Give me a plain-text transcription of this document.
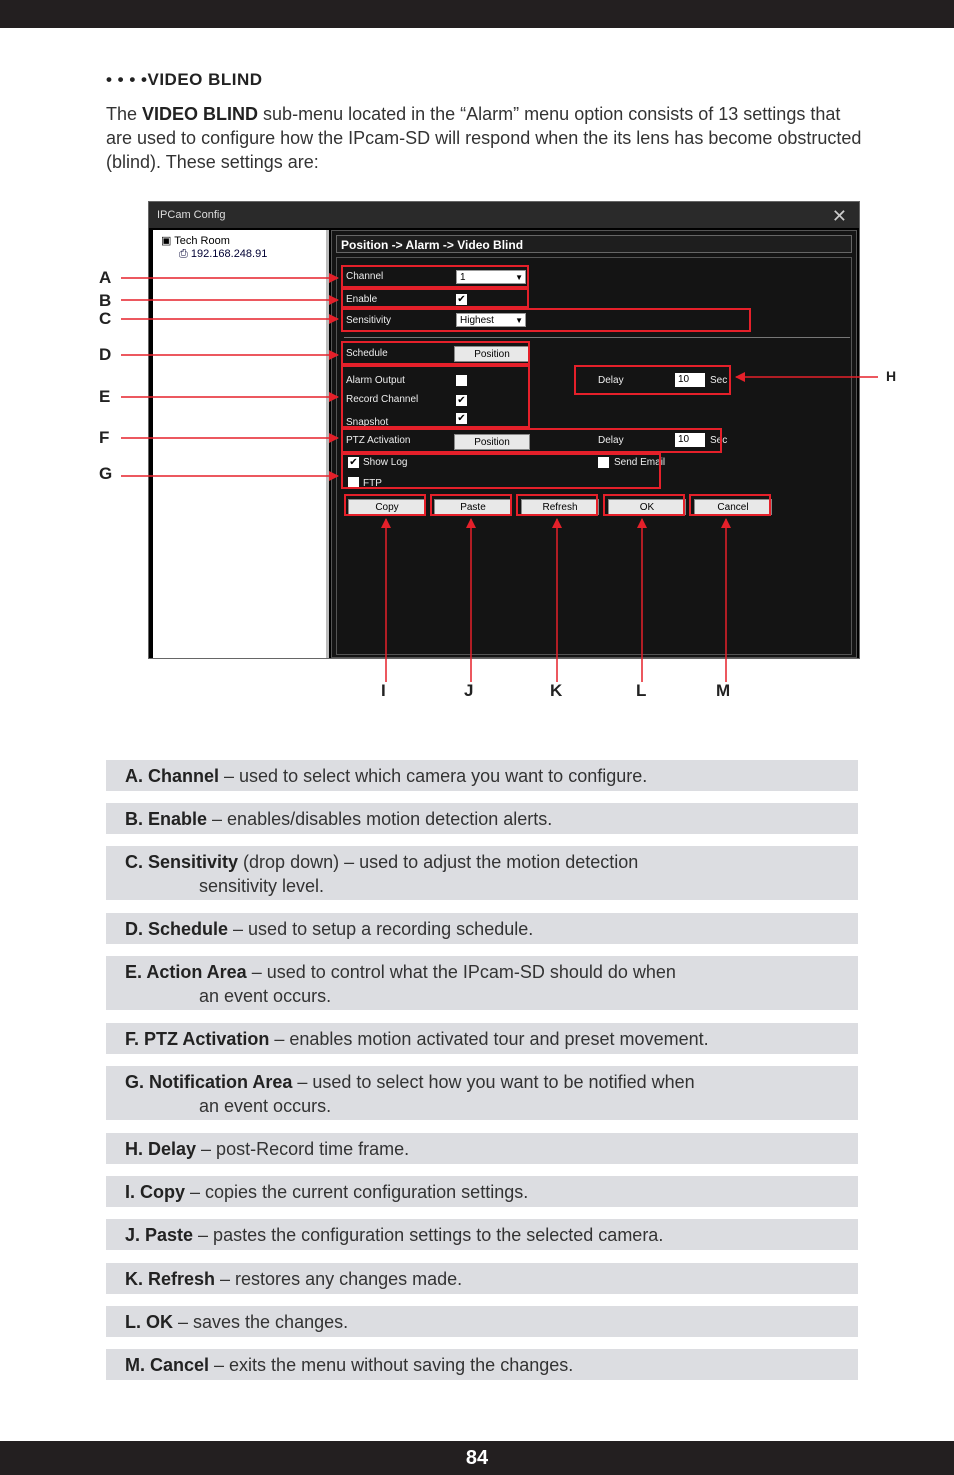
• • • •VIDEO BLIND
The VIDEO BLIND sub-menu located in the “Alarm” menu option consists of 13 settings that are used to configure how the IPcam-SD will respond when the its lens has become obstructed (blind). These settings are:
IPCam Config	✕
▣ Tech Room
⎙ 192.168.248.91
Position -> Alarm -> Video Blind
Channel	1	▼
Enable	✔
Sensitivity	Highest	▼
Schedule	Position
Alarm Output
Record Channel	✔
Snapshot	✔
Delay	10	Sec
PTZ Activation	Position	Delay	10	Sec
✔ Show Log	Send Email
FTP
Copy	Paste	Refresh	OK	Cancel
A
B
C
D
E
F
G
H
I	J	K	L	M
A. Channel – used to select which camera you want to configure.
B. Enable – enables/disables motion detection alerts.
C. Sensitivity (drop down) – used to adjust the motion detection
sensitivity level.
D. Schedule – used to setup a recording schedule.
E. Action Area – used to control what the IPcam-SD should do when
an event occurs.
F. PTZ Activation – enables motion activated tour and preset movement.
G. Notification Area – used to select how you want to be notified when
an event occurs.
H. Delay – post-Record time frame.
I. Copy – copies the current configuration settings.
J. Paste – pastes the configuration settings to the selected camera.
K. Refresh – restores any changes made.
L. OK – saves the changes.
M. Cancel – exits the menu without saving the changes.
84
